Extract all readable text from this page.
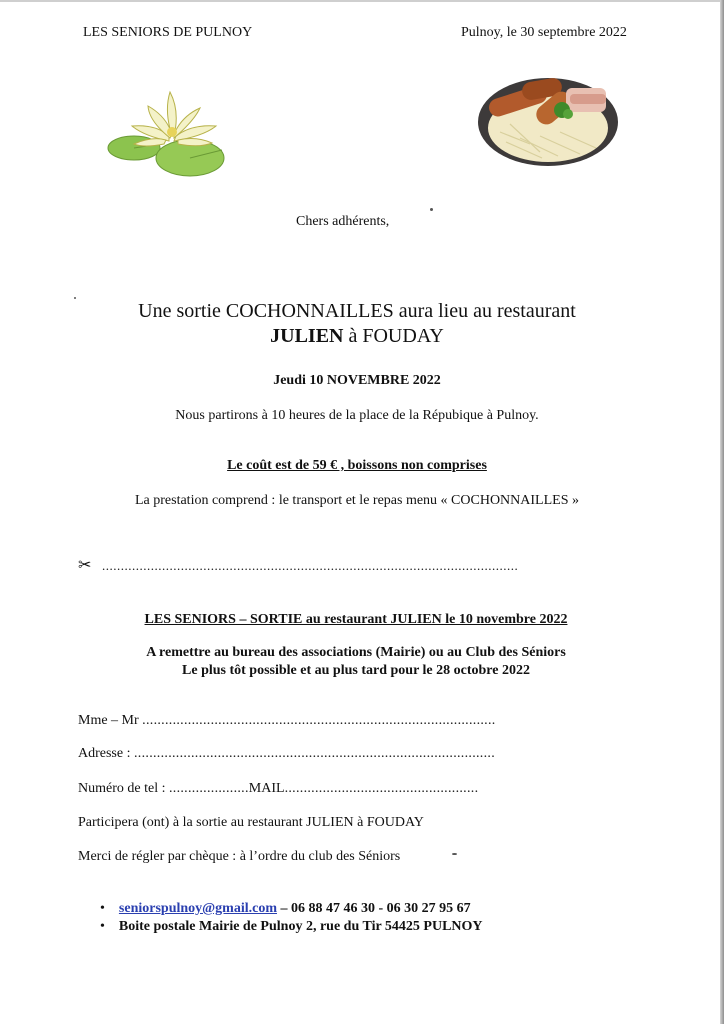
LES SENIORS DE PULNOY	Pulnoy, le 30 septembre 2022
Chers adhérents,
Une sortie COCHONNAILLES aura lieu au restaurant
JULIEN à FOUDAY
Jeudi 10 NOVEMBRE 2022
Nous partirons à 10 heures de la place de la Répubique à Pulnoy.
Le coût est de 59 € , boissons non comprises
La prestation comprend : le transport et le repas menu « COCHONNAILLES »
✂ ...............................................................................................................
LES SENIORS – SORTIE au restaurant JULIEN le 10 novembre 2022
A remettre au bureau des associations (Mairie) ou au Club des Séniors
Le plus tôt possible et au plus tard pour le 28 octobre 2022
Mme – Mr .............................................................................................
Adresse : ...............................................................................................
Numéro de tel : .....................MAIL...................................................
Participera (ont) à la sortie au restaurant JULIEN à FOUDAY
Merci de régler par chèque : à l’ordre du club des Séniors
• seniorspulnoy@gmail.com – 06 88 47 46 30 - 06 30 27 95 67
• Boite postale Mairie de Pulnoy 2, rue du Tir 54425 PULNOY
